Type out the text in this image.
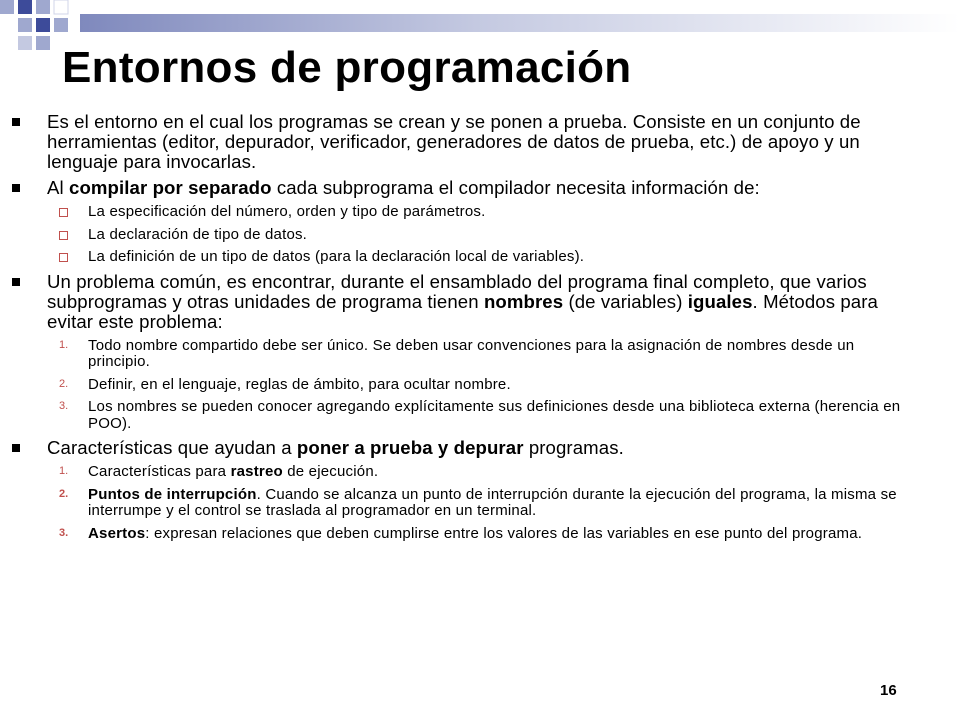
Entornos de programación
Es el entorno en el cual los programas se crean y se ponen a prueba. Consiste en un conjunto de herramientas (editor, depurador, verificador, generadores de datos de prueba, etc.) de apoyo y un lenguaje para invocarlas.
Al compilar por separado cada subprograma el compilador necesita información de:
La especificación del número, orden y tipo de parámetros.
La declaración de tipo de datos.
La definición de un tipo de datos (para la declaración local de variables).
Un problema común, es encontrar, durante el ensamblado del programa final completo, que varios subprogramas y otras unidades de programa tienen nombres (de variables) iguales. Métodos para evitar este problema:
1. Todo nombre compartido debe ser único. Se deben usar convenciones para la asignación de nombres desde un principio.
2. Definir, en el lenguaje, reglas de ámbito, para ocultar nombre.
3. Los nombres se pueden conocer agregando explícitamente sus definiciones desde una biblioteca externa (herencia en POO).
Características que ayudan a poner a prueba y depurar programas.
1. Características para rastreo de ejecución.
2. Puntos de interrupción. Cuando se alcanza un punto de interrupción durante la ejecución del programa, la misma se interrumpe y el control se traslada al programador en un terminal.
3. Asertos: expresan relaciones que deben cumplirse entre los valores de las variables en ese punto del programa.
16
